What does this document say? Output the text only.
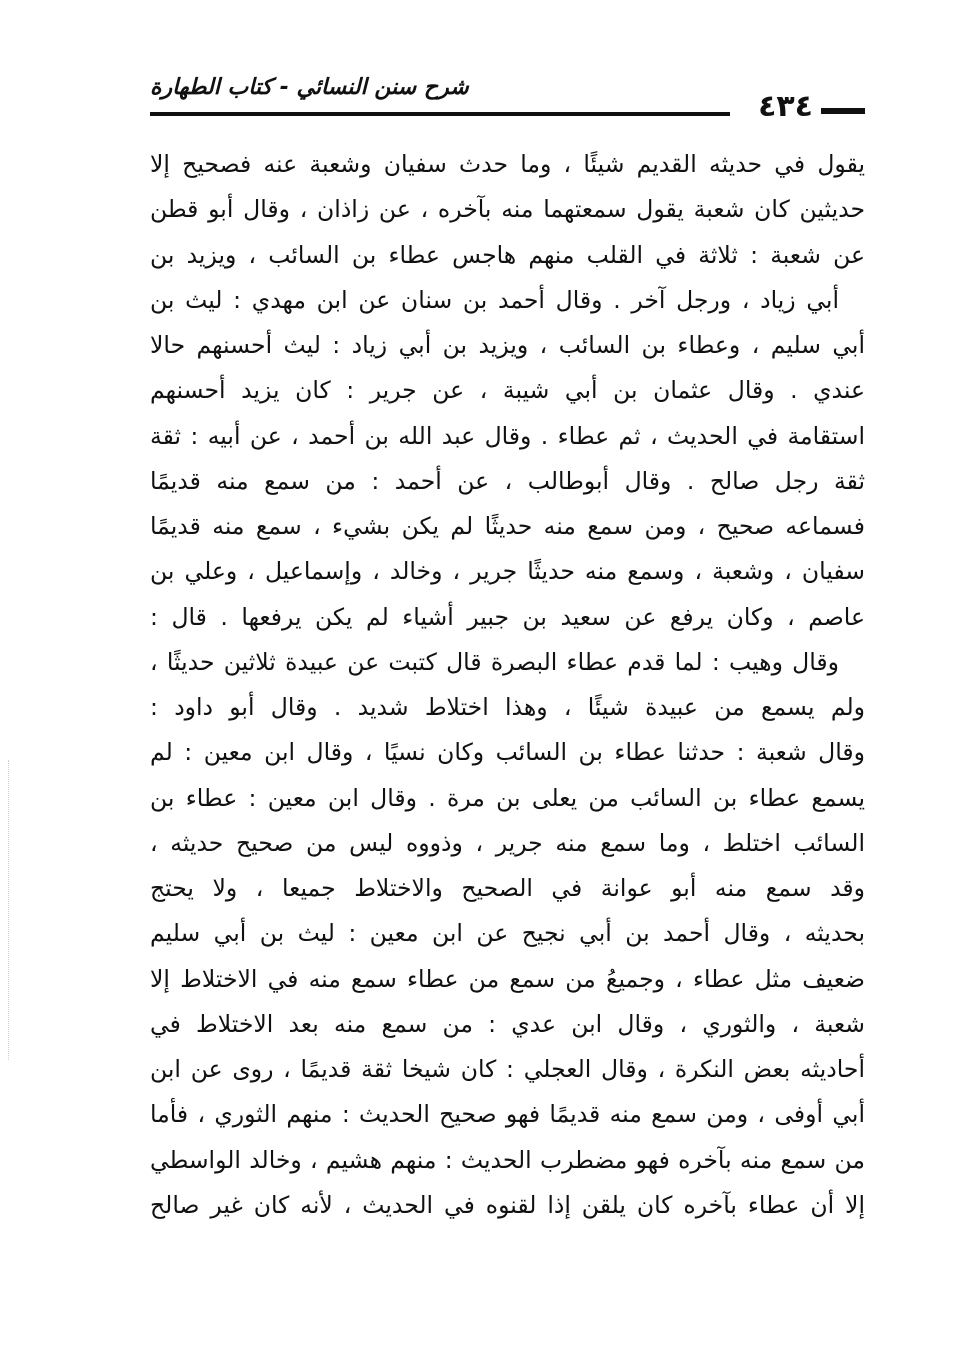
٤٣٤
شرح سنن النسائي - كتاب الطهارة
يقول في حديثه القديم شيئًا ، وما حدث سفيان وشعبة عنه فصحيح إلا
حديثين كان شعبة يقول سمعتهما منه بآخره ، عن زاذان ، وقال أبو قطن
عن شعبة : ثلاثة في القلب منهم هاجس عطاء بن السائب ، ويزيد بن
أبي زياد ، ورجل آخر . وقال أحمد بن سنان عن ابن مهدي : ليث بن
أبي سليم ، وعطاء بن السائب ، ويزيد بن أبي زياد : ليث أحسنهم حالا
عندي . وقال عثمان بن أبي شيبة ، عن جرير : كان يزيد أحسنهم
استقامة في الحديث ، ثم عطاء . وقال عبد الله بن أحمد ، عن أبيه : ثقة
ثقة رجل صالح . وقال أبوطالب ، عن أحمد : من سمع منه قديمًا
فسماعه صحيح ، ومن سمع منه حديثًا لم يكن بشيء ، سمع منه قديمًا
سفيان ، وشعبة ، وسمع منه حديثًا جرير ، وخالد ، وإسماعيل ، وعلي بن
عاصم ، وكان يرفع عن سعيد بن جبير أشياء لم يكن يرفعها . قال :
وقال وهيب : لما قدم عطاء البصرة قال كتبت عن عبيدة ثلاثين حديثًا ،
ولم يسمع من عبيدة شيئًا ، وهذا اختلاط شديد . وقال أبو داود :
وقال شعبة : حدثنا عطاء بن السائب وكان نسيًا ، وقال ابن معين : لم
يسمع عطاء بن السائب من يعلى بن مرة . وقال ابن معين : عطاء بن
السائب اختلط ، وما سمع منه جرير ، وذووه ليس من صحيح حديثه ،
وقد سمع منه أبو عوانة في الصحيح والاختلاط جميعا ، ولا يحتج
بحديثه ، وقال أحمد بن أبي نجيح عن ابن معين : ليث بن أبي سليم
ضعيف مثل عطاء ، وجميعُ من سمع من عطاء سمع منه في الاختلاط إلا
شعبة ، والثوري ، وقال ابن عدي : من سمع منه بعد الاختلاط في
أحاديثه بعض النكرة ، وقال العجلي : كان شيخا ثقة قديمًا ، روى عن ابن
أبي أوفى ، ومن سمع منه قديمًا فهو صحيح الحديث : منهم الثوري ، فأما
من سمع منه بآخره فهو مضطرب الحديث : منهم هشيم ، وخالد الواسطي
إلا أن عطاء بآخره كان يلقن إذا لقنوه في الحديث ، لأنه كان غير صالح
